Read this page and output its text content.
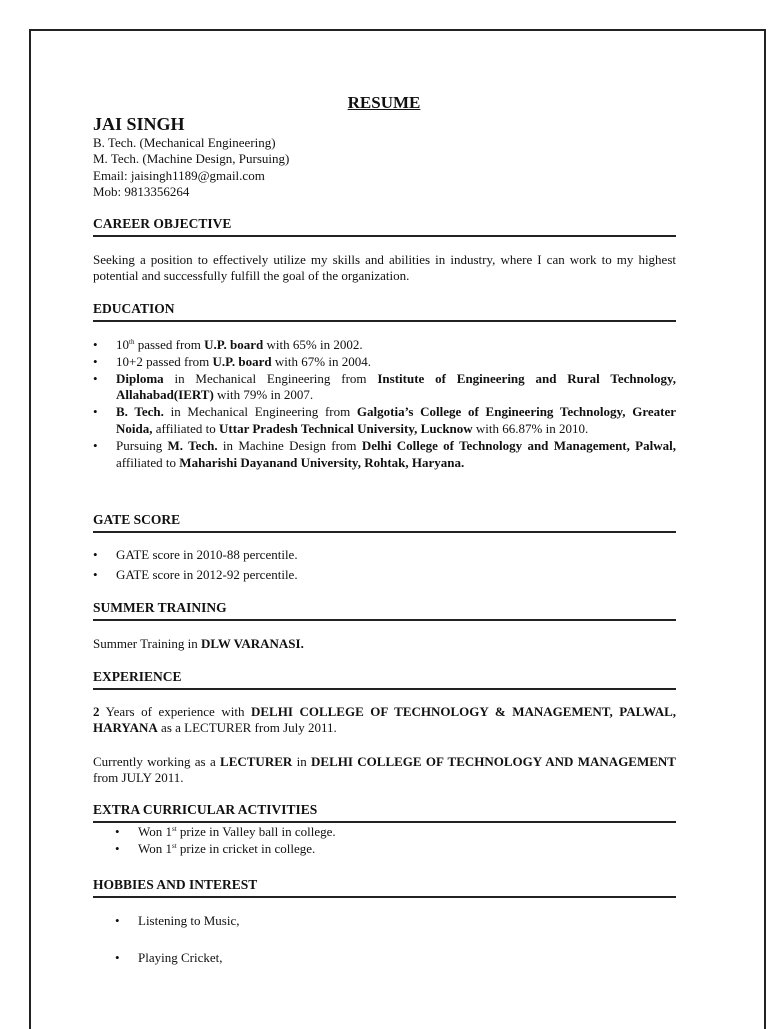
RESUME
JAI SINGH
B. Tech. (Mechanical Engineering)
M. Tech. (Machine Design, Pursuing)
Email: jaisingh1189@gmail.com
Mob: 9813356264
CAREER OBJECTIVE

Seeking a position to effectively utilize my skills and abilities in industry, where I can work to my highest potential and successfully fulfill the goal of the organization.

EDUCATION
• 10th passed from U.P. board with 65% in 2002.
• 10+2 passed from U.P. board with 67% in 2004.
• Diploma in Mechanical Engineering from Institute of Engineering and Rural Technology, Allahabad(IERT) with 79% in 2007.
• B. Tech. in Mechanical Engineering from Galgotia’s College of Engineering Technology, Greater Noida, affiliated to Uttar Pradesh Technical University, Lucknow with 66.87% in 2010.
• Pursuing M. Tech. in Machine Design from Delhi College of Technology and Management, Palwal, affiliated to Maharishi Dayanand University, Rohtak, Haryana.
GATE SCORE
• GATE score in 2010-88 percentile.
• GATE score in 2012-92 percentile.
SUMMER TRAINING

Summer Training in DLW VARANASI.

EXPERIENCE

2 Years of experience with DELHI COLLEGE OF TECHNOLOGY & MANAGEMENT, PALWAL, HARYANA as a LECTURER from July 2011.

Currently working as a LECTURER in DELHI COLLEGE OF TECHNOLOGY AND MANAGEMENT from JULY 2011.

EXTRA CURRICULAR ACTIVITIES
• Won 1st prize in Valley ball in college.
• Won 1st prize in cricket in college.
HOBBIES AND INTEREST
• Listening to Music,
• Playing Cricket,
